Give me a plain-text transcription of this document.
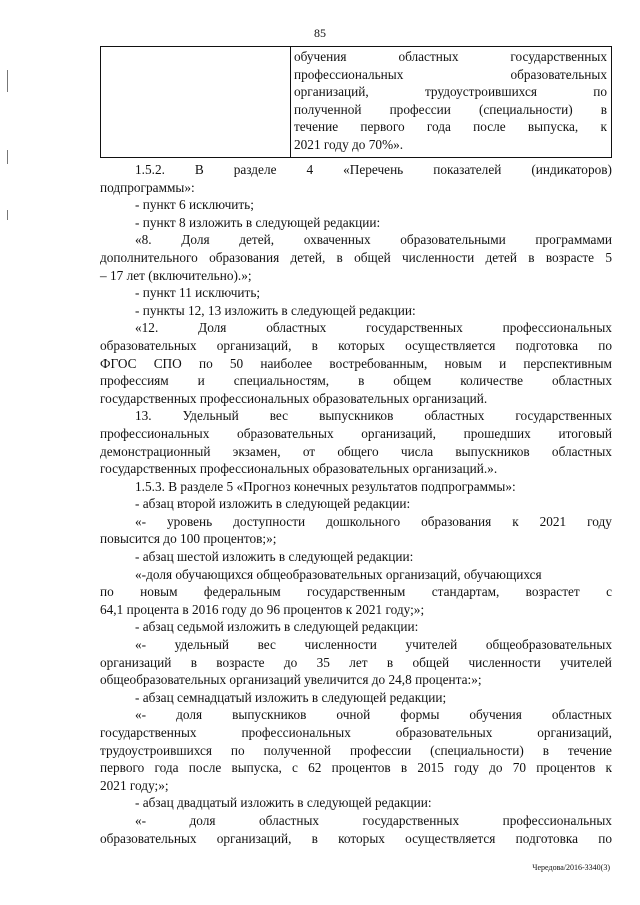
85
обучения	областных	государственных
профессиональных	образовательных
организаций,	трудоустроившихся	по
полученной профессии (специальности) в
течение первого года после выпуска, к
2021 году до 70%».
1.5.2. В разделе 4 «Перечень показателей (индикаторов)
подпрограммы»:
- пункт 6 исключить;
- пункт 8 изложить в следующей редакции:
«8. Доля детей, охваченных образовательными программами
дополнительного образования детей, в общей численности детей в возрасте 5
– 17 лет (включительно).»;
- пункт 11 исключить;
- пункты 12, 13 изложить в следующей редакции:
«12.	Доля	областных	государственных	профессиональных
образовательных организаций, в которых осуществляется подготовка по
ФГОС СПО по 50 наиболее востребованным, новым и перспективным
профессиям и специальностям, в общем количестве областных
государственных профессиональных образовательных организаций.
13. Удельный вес выпускников областных государственных
профессиональных образовательных организаций, прошедших итоговый
демонстрационный экзамен, от общего числа выпускников областных
государственных профессиональных образовательных организаций.».
1.5.3. В разделе 5 «Прогноз конечных результатов подпрограммы»:
- абзац второй изложить в следующей редакции:
«- уровень доступности дошкольного образования к 2021 году
повысится до 100 процентов;»;
- абзац шестой изложить в следующей редакции:
«-доля обучающихся общеобразовательных организаций, обучающихся
по новым федеральным государственным стандартам, возрастет с
64,1 процента в 2016 году до 96 процентов к 2021 году;»;
- абзац седьмой изложить в следующей редакции:
«- удельный вес численности учителей общеобразовательных
организаций в возрасте до 35 лет в общей численности учителей
общеобразовательных организаций увеличится до 24,8 процента:»;
- абзац семнадцатый изложить в следующей редакции;
«- доля выпускников очной формы обучения областных
государственных	профессиональных	образовательных	организаций,
трудоустроившихся по полученной профессии (специальности) в течение
первого года после выпуска, с 62 процентов в 2015 году до 70 процентов к
2021 году;»;
- абзац двадцатый изложить в следующей редакции:
«-	доля	областных	государственных	профессиональных
образовательных организаций, в которых осуществляется подготовка по
Чередова/2016-3340(3)
